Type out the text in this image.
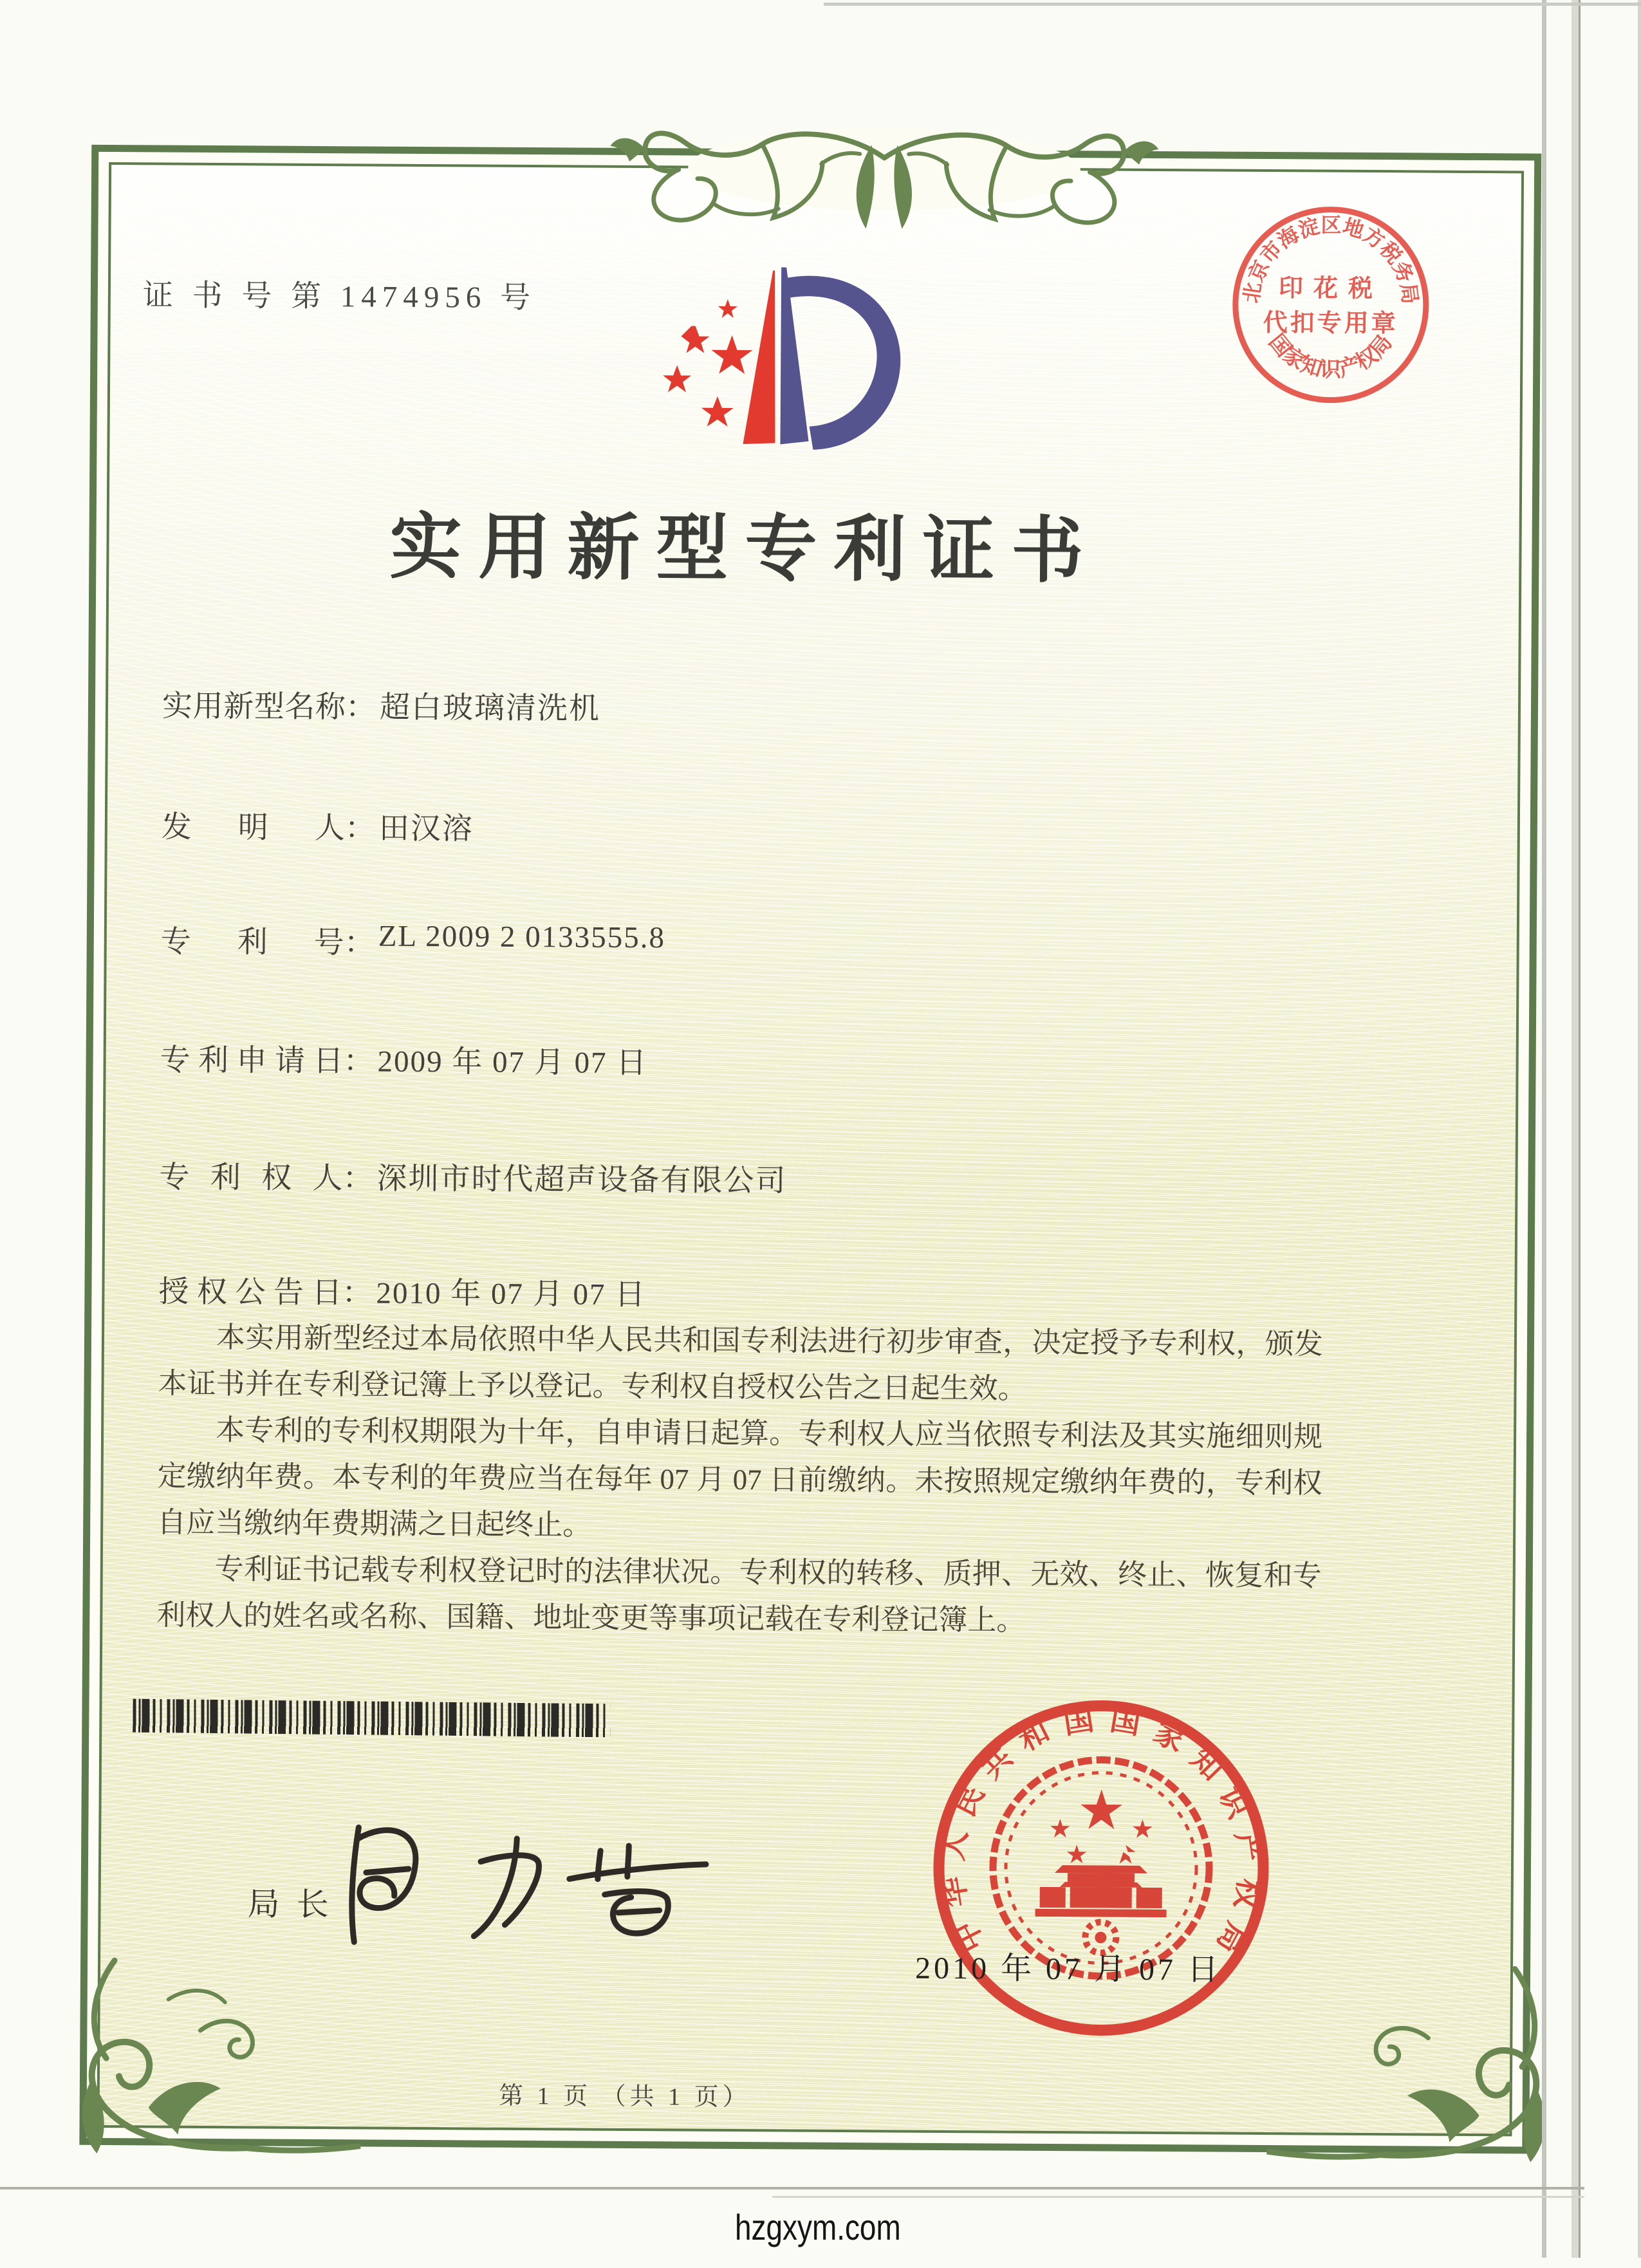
证 书 号 第 1474956 号	北京市海淀区地方税务局
国家知识产权局
印花税
代扣专用章
实用新型专利证书
实用新型名称： 超白玻璃清洗机
发明人： 田汉溶
专利号： ZL 2009 2 0133555.8
专利申请日： 2009 年 07 月 07 日
专利权人： 深圳市时代超声设备有限公司
授权公告日： 2010 年 07 月 07 日

本实用新型经过本局依照中华人民共和国专利法进行初步审查，决定授予专利权，颁发本证书并在专利登记簿上予以登记。专利权自授权公告之日起生效。

本专利的专利权期限为十年，自申请日起算。专利权人应当依照专利法及其实施细则规定缴纳年费。本专利的年费应当在每年 07 月 07 日前缴纳。未按照规定缴纳年费的，专利权自应当缴纳年费期满之日起终止。

专利证书记载专利权登记时的法律状况。专利权的转移、质押、无效、终止、恢复和专利权人的姓名或名称、国籍、地址变更等事项记载在专利登记簿上。

局长
中华人民共和国国家知识产权局
2010 年 07 月 07 日
第 1 页 （共 1 页）
hzgxym.com
